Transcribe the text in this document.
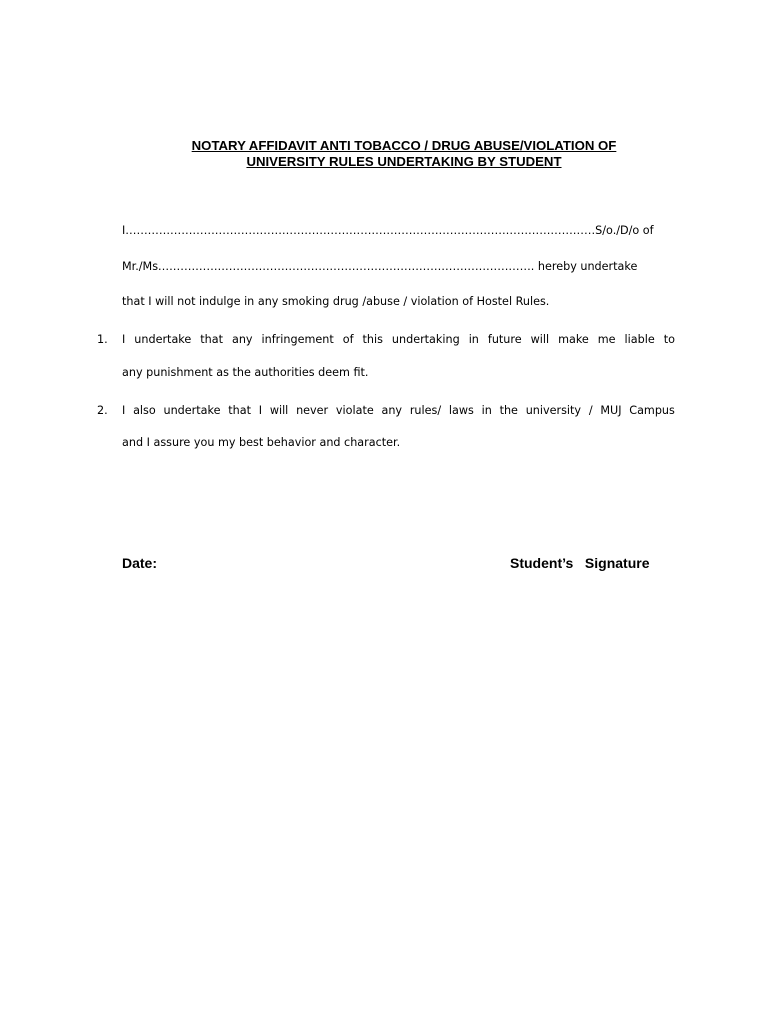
NOTARY AFFIDAVIT ANTI TOBACCO / DRUG ABUSE/VIOLATION OF
UNIVERSITY RULES UNDERTAKING BY STUDENT
I………………………………………………………………………………………………………………S/o./D/o of
Mr./Ms.………………………………………………………………………………………. hereby undertake
that I will not indulge in any smoking drug /abuse / violation of Hostel Rules.
1. I undertake that any infringement of this undertaking in future will make me liable to
any punishment as the authorities deem fit.
2. I also undertake that I will never violate any rules/ laws in the university / MUJ Campus
and I assure you my best behavior and character.
Date:	Student’s   Signature
